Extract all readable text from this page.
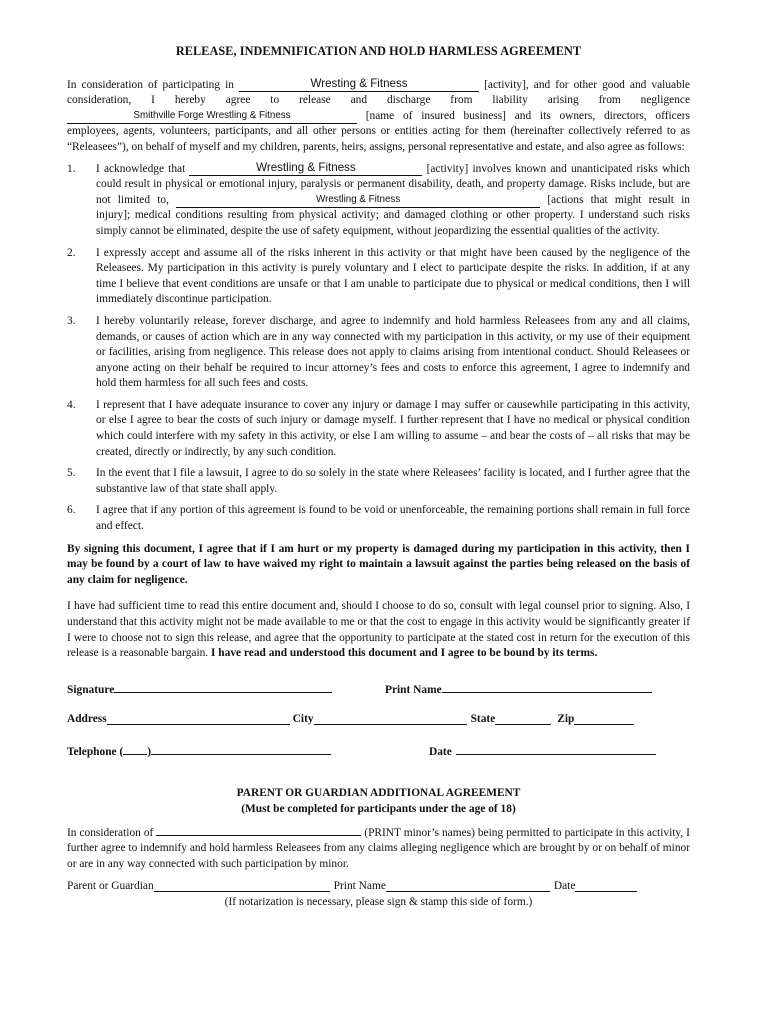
RELEASE, INDEMNIFICATION AND HOLD HARMLESS AGREEMENT

In consideration of participating in	Wresting & Fitness	[activity], and for other good and valuable consideration, I hereby agree to release and discharge from liability arising from negligence Smithville Forge Wrestling & Fitness	[name of insured business] and its owners, directors, officers employees, agents, volunteers, participants, and all other persons or entities acting for them (hereinafter collectively referred to as “Releasees”), on behalf of myself and my children, parents, heirs, assigns, personal representative and estate, and also agree as follows:

1.	I acknowledge that	Wrestling & Fitness	[activity] involves known and unanticipated risks which could result in physical or emotional injury, paralysis or permanent disability, death, and property damage. Risks include, but are not limited to,	Wrestling & Fitness	[actions that might result in injury]; medical conditions resulting from physical activity; and damaged clothing or other property. I understand such risks simply cannot be eliminated, despite the use of safety equipment, without jeopardizing the essential qualities of the activity.
2.	I expressly accept and assume all of the risks inherent in this activity or that might have been caused by the negligence of the Releasees. My participation in this activity is purely voluntary and I elect to participate despite the risks. In addition, if at any time I believe that event conditions are unsafe or that I am unable to participate due to physical or medical conditions, then I will immediately discontinue participation.
3.	I hereby voluntarily release, forever discharge, and agree to indemnify and hold harmless Releasees from any and all claims, demands, or causes of action which are in any way connected with my participation in this activity, or my use of their equipment or facilities, arising from negligence. This release does not apply to claims arising from intentional conduct. Should Releasees or anyone acting on their behalf be required to incur attorney’s fees and costs to enforce this agreement, I agree to indemnify and hold them harmless for all such fees and costs.
4.	I represent that I have adequate insurance to cover any injury or damage I may suffer or causewhile participating in this activity, or else I agree to bear the costs of such injury or damage myself. I further represent that I have no medical or physical condition which could interfere with my safety in this activity, or else I am willing to assume – and bear the costs of – all risks that may be created, directly or indirectly, by any such condition.
5.	In the event that I file a lawsuit, I agree to do so solely in the state where Releasees’ facility is located, and I further agree that the substantive law of that state shall apply.
6.	I agree that if any portion of this agreement is found to be void or unenforceable, the remaining portions shall remain in full force and effect.

By signing this document, I agree that if I am hurt or my property is damaged during my participation in this activity, then I may be found by a court of law to have waived my right to maintain a lawsuit against the parties being released on the basis of any claim for negligence.

I have had sufficient time to read this entire document and, should I choose to do so, consult with legal counsel prior to signing. Also, I understand that this activity might not be made available to me or that the cost to engage in this activity would be significantly greater if I were to choose not to sign this release, and agree that the opportunity to participate at the stated cost in return for the execution of this release is a reasonable bargain. I have read and understood this document and I agree to be bound by its terms.

Signature	Print Name
Address	City	State	Zip
Telephone ( )	Date
PARENT OR GUARDIAN ADDITIONAL AGREEMENT
(Must be completed for participants under the age of 18)

In consideration of	(PRINT minor’s names) being permitted to participate in this activity, I further agree to indemnify and hold harmless Releasees from any claims alleging negligence which are brought by or on behalf of minor or are in any way connected with such participation by minor.

Parent or Guardian	Print Name	Date
(If notarization is necessary, please sign & stamp this side of form.)
